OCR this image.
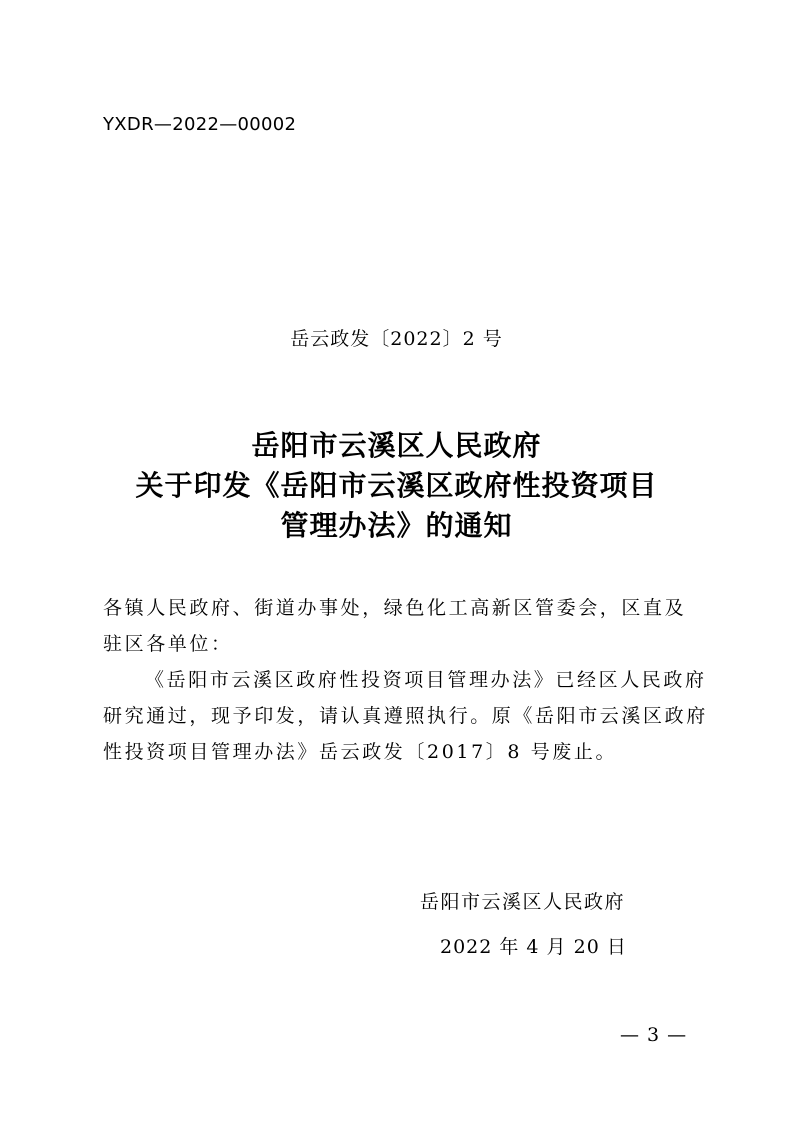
YXDR—2022—00002
岳云政发〔2022〕2 号
岳阳市云溪区人民政府
关于印发《岳阳市云溪区政府性投资项目
管理办法》的通知

各镇人民政府、街道办事处，绿色化工高新区管委会，区直及

驻区各单位：

《岳阳市云溪区政府性投资项目管理办法》已经区人民政府

研究通过，现予印发，请认真遵照执行。原《岳阳市云溪区政府

性投资项目管理办法》岳云政发〔2017〕8 号废止。

岳阳市云溪区人民政府
2022 年 4 月 20 日
— 3 —
